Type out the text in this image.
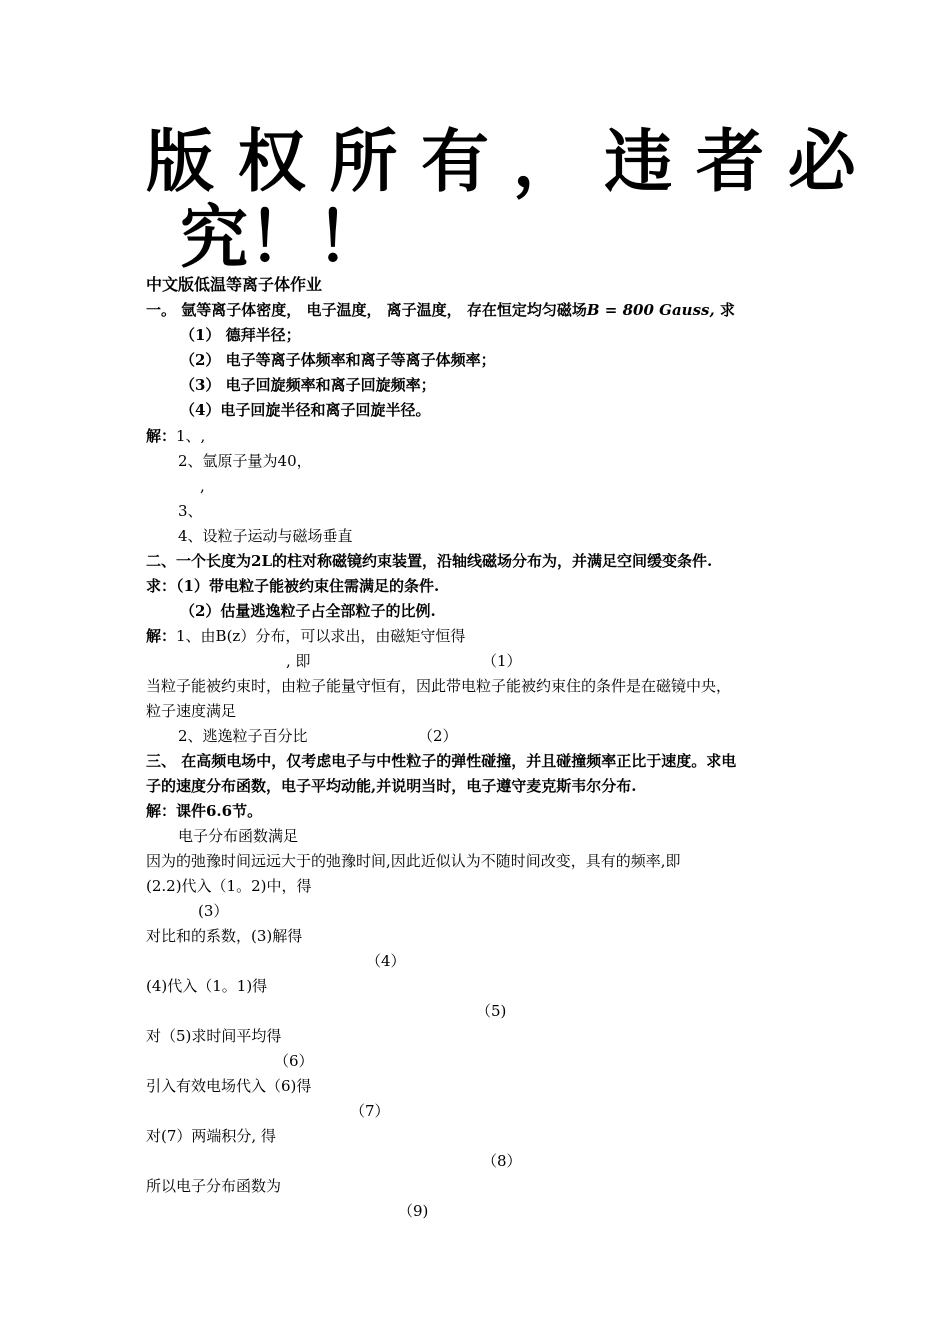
版 权 所 有 ， 违 者 必
究！！
中文版低温等离子体作业
一。 氩等离子体密度， 电子温度， 离子温度， 存在恒定均匀磁场B = 800 Gauss, 求
（1） 德拜半径；
（2） 电子等离子体频率和离子等离子体频率；
（3） 电子回旋频率和离子回旋频率；
（4）电子回旋半径和离子回旋半径。
解：1、,
2、氩原子量为40，
,
3、
4、设粒子运动与磁场垂直
二、一个长度为2L的柱对称磁镜约束装置，沿轴线磁场分布为，并满足空间缓变条件.
求：（1）带电粒子能被约束住需满足的条件.
（2）估量逃逸粒子占全部粒子的比例.
解：1、由B(z）分布，可以求出，由磁矩守恒得
, 即	（1）
当粒子能被约束时，由粒子能量守恒有，因此带电粒子能被约束住的条件是在磁镜中央，
粒子速度满足
2、逃逸粒子百分比	（2）
三、 在高频电场中，仅考虑电子与中性粒子的弹性碰撞，并且碰撞频率正比于速度。求电
子的速度分布函数，电子平均动能,并说明当时，电子遵守麦克斯韦尔分布.
解：课件6.6节。
电子分布函数满足
因为的弛豫时间远远大于的弛豫时间,因此近似认为不随时间改变，具有的频率,即
(2.2)代入（1。2)中，得
(3）
对比和的系数，(3)解得
（4）
(4)代入（1。1)得
（5)
对（5)求时间平均得
（6）
引入有效电场代入（6)得
（7）
对(7）两端积分, 得
（8）
所以电子分布函数为
（9)
